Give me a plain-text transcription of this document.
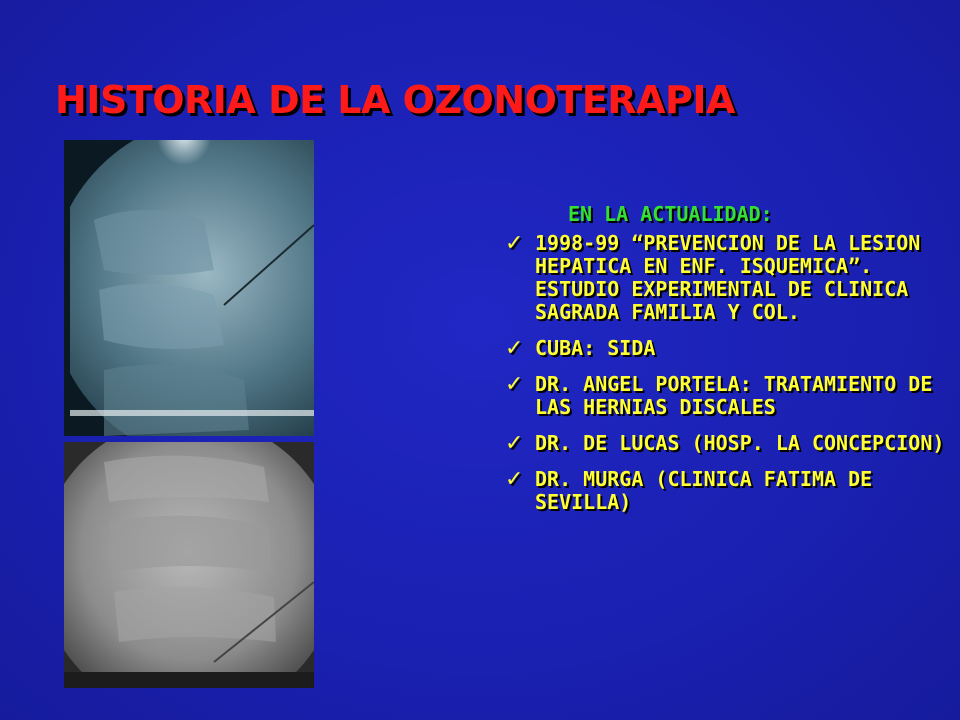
HISTORIA DE LA OZONOTERAPIA
EN LA ACTUALIDAD:
✓ 1998-99 “PREVENCION DE LA LESION HEPATICA EN ENF. ISQUEMICA”. ESTUDIO EXPERIMENTAL DE CLINICA SAGRADA FAMILIA Y COL.
✓ CUBA: SIDA
✓ DR. ANGEL PORTELA: TRATAMIENTO DE LAS HERNIAS DISCALES
✓ DR. DE LUCAS (HOSP. LA CONCEPCION)
✓ DR. MURGA (CLINICA FATIMA DE SEVILLA)
